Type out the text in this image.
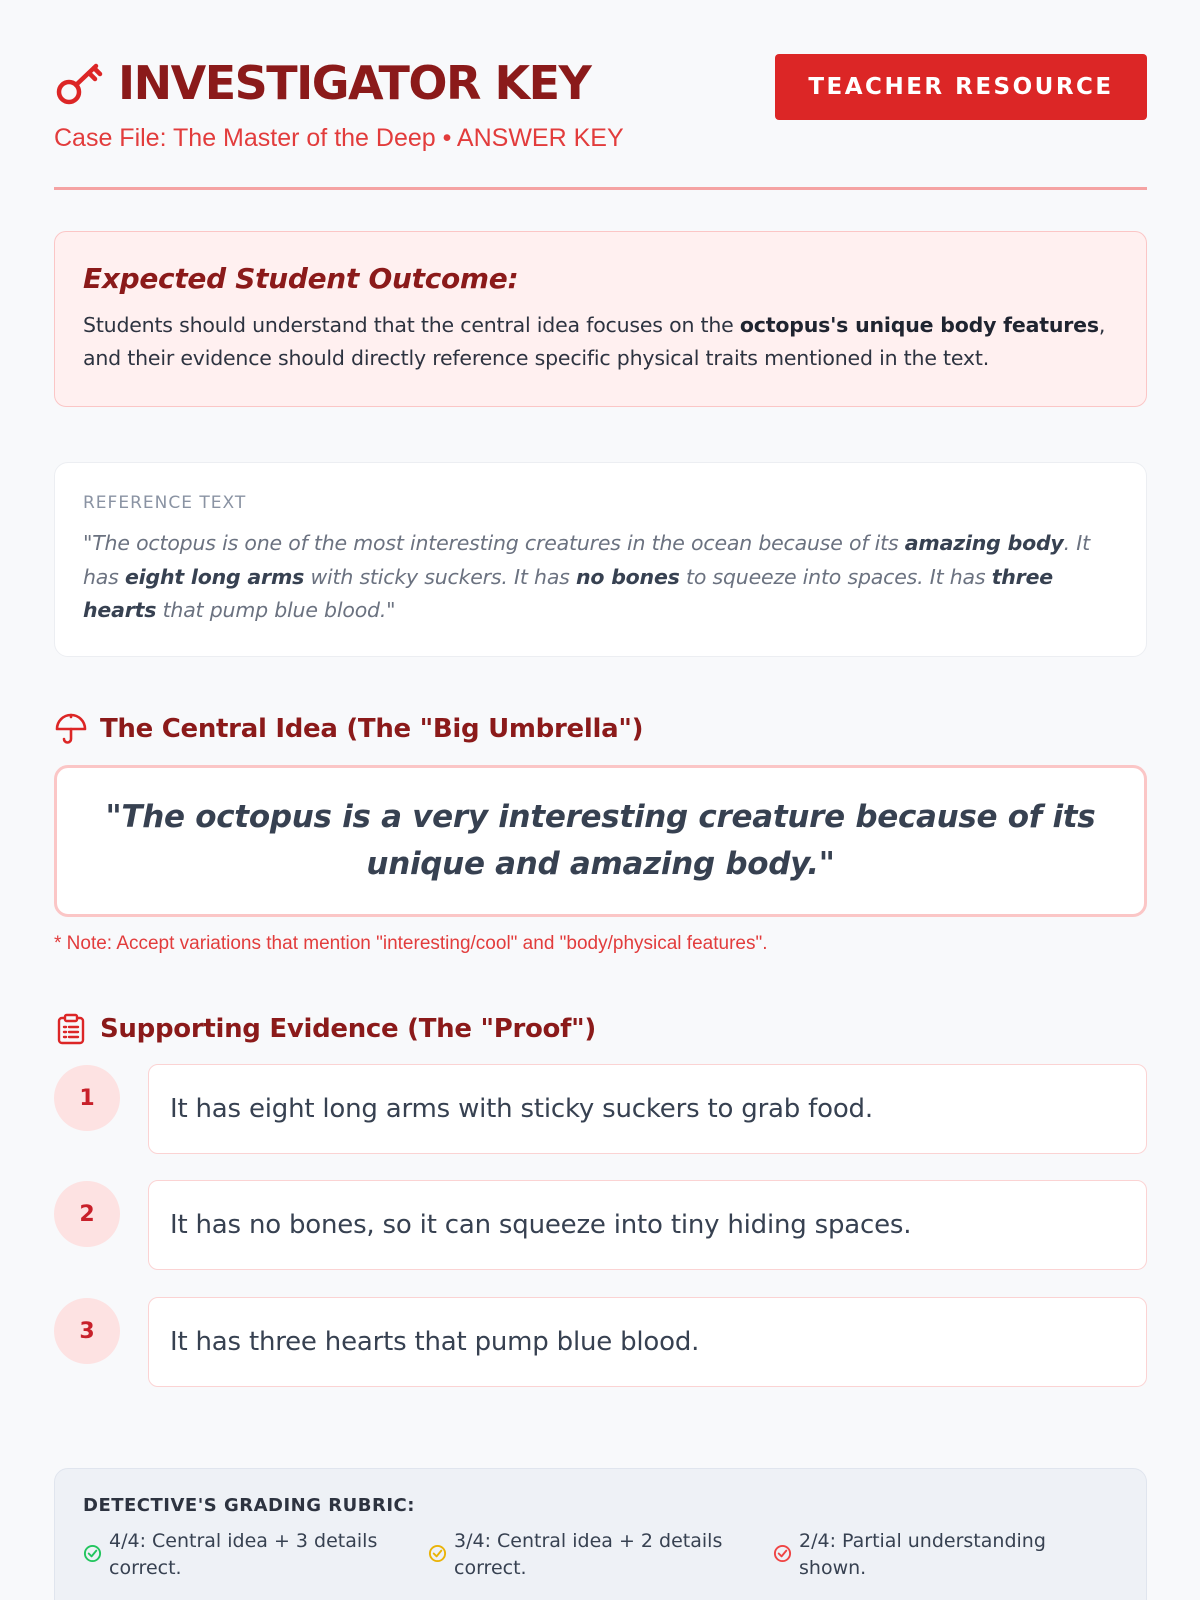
INVESTIGATOR KEY
Case File: The Master of the Deep • ANSWER KEY
TEACHER RESOURCE
Expected Student Outcome:

Students should understand that the central idea focuses on the octopus's unique body features, and their evidence should directly reference specific physical traits mentioned in the text.

REFERENCE TEXT

"The octopus is one of the most interesting creatures in the ocean because of its amazing body. It has eight long arms with sticky suckers. It has no bones to squeeze into spaces. It has three hearts that pump blue blood."

The Central Idea (The "Big Umbrella")

"The octopus is a very interesting creature because of its unique and amazing body."

* Note: Accept variations that mention "interesting/cool" and "body/physical features".
Supporting Evidence (The "Proof")
1	It has eight long arms with sticky suckers to grab food.
2	It has no bones, so it can squeeze into tiny hiding spaces.
3	It has three hearts that pump blue blood.
DETECTIVE'S GRADING RUBRIC:
4/4: Central idea + 3 details correct.
3/4: Central idea + 2 details correct.
2/4: Partial understanding shown.
